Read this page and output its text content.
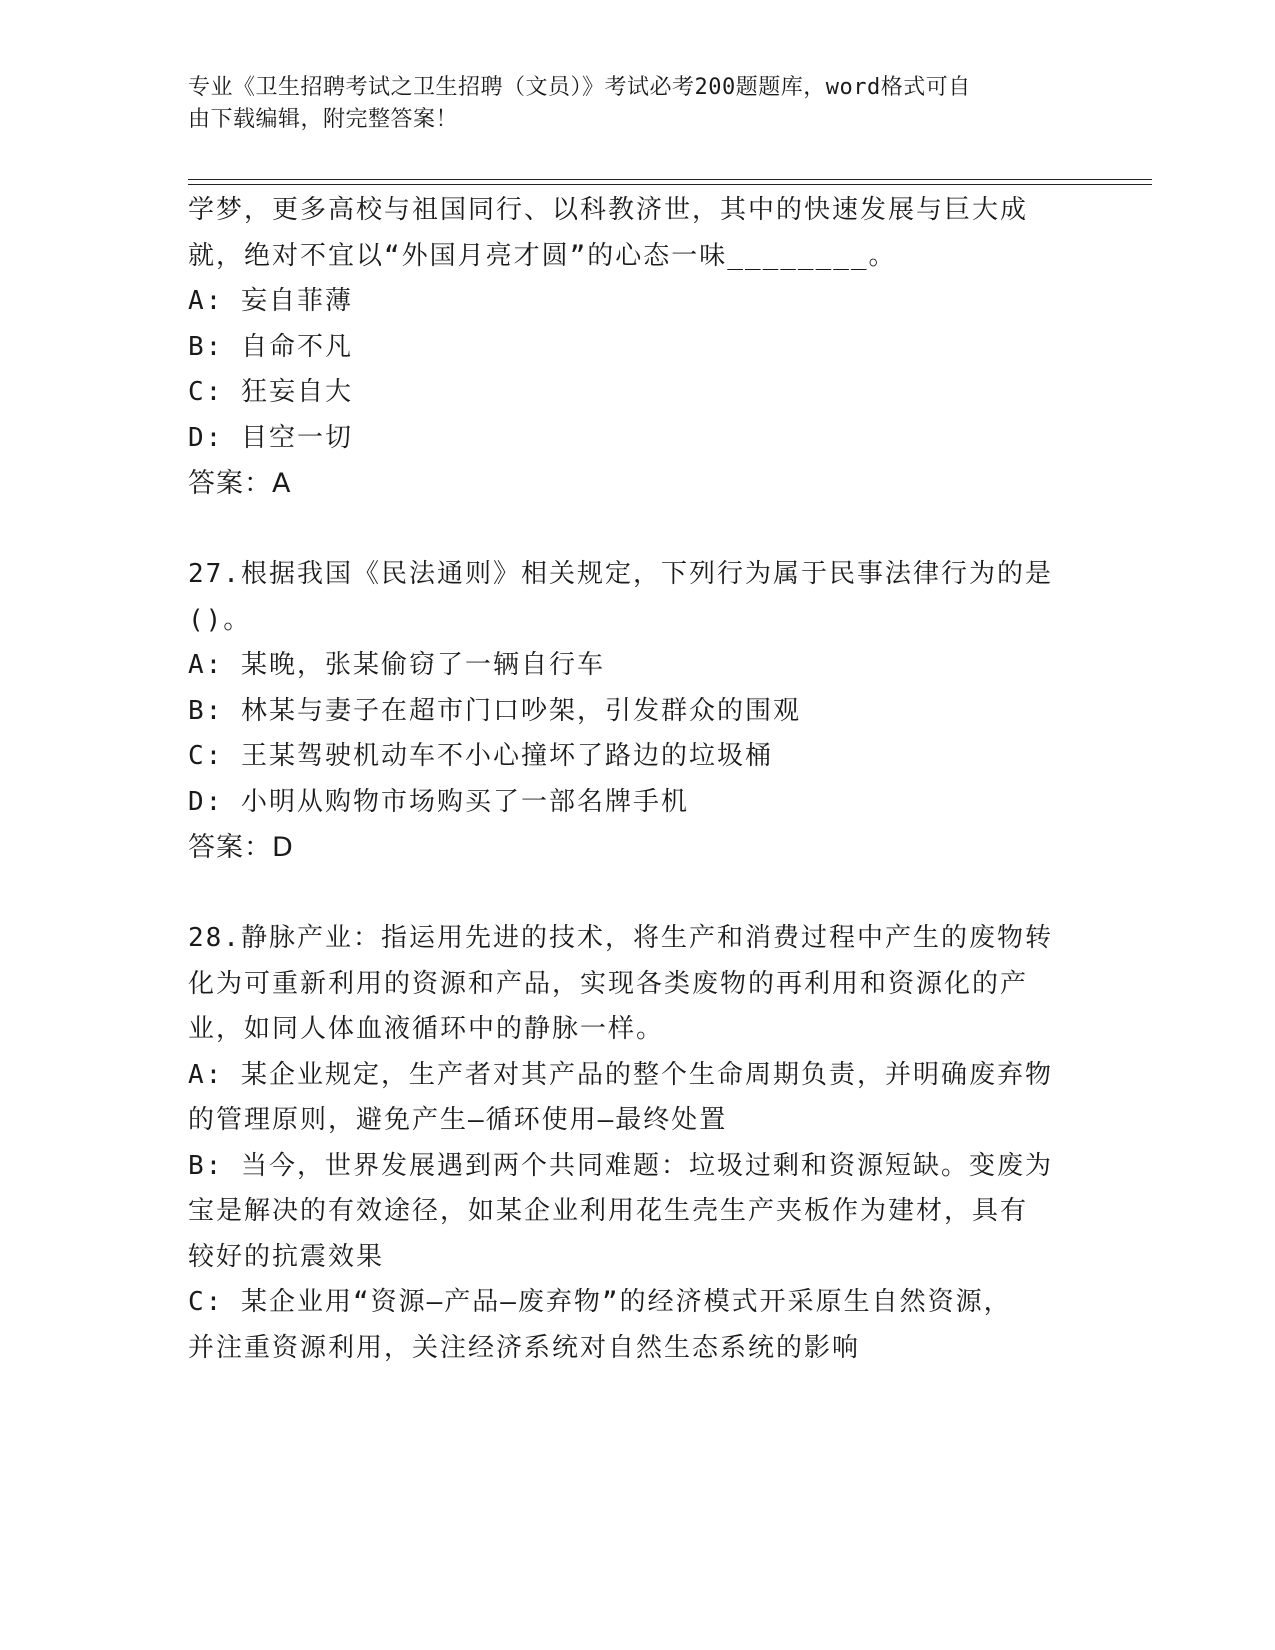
专业《卫生招聘考试之卫生招聘（文员）》考试必考200题题库，word格式可自
由下载编辑，附完整答案！
学梦，更多高校与祖国同行、以科教济世，其中的快速发展与巨大成
就，绝对不宜以“外国月亮才圆”的心态一味________。
A: 妄自菲薄
B: 自命不凡
C: 狂妄自大
D: 目空一切
答案：A
27.根据我国《民法通则》相关规定，下列行为属于民事法律行为的是
()。
A: 某晚，张某偷窃了一辆自行车
B: 林某与妻子在超市门口吵架，引发群众的围观
C: 王某驾驶机动车不小心撞坏了路边的垃圾桶
D: 小明从购物市场购买了一部名牌手机
答案：D
28.静脉产业：指运用先进的技术，将生产和消费过程中产生的废物转
化为可重新利用的资源和产品，实现各类废物的再利用和资源化的产
业，如同人体血液循环中的静脉一样。
A: 某企业规定，生产者对其产品的整个生命周期负责，并明确废弃物
的管理原则，避免产生—循环使用—最终处置
B: 当今，世界发展遇到两个共同难题：垃圾过剩和资源短缺。变废为
宝是解决的有效途径，如某企业利用花生壳生产夹板作为建材，具有
较好的抗震效果
C: 某企业用“资源—产品—废弃物”的经济模式开采原生自然资源，
并注重资源利用，关注经济系统对自然生态系统的影响
